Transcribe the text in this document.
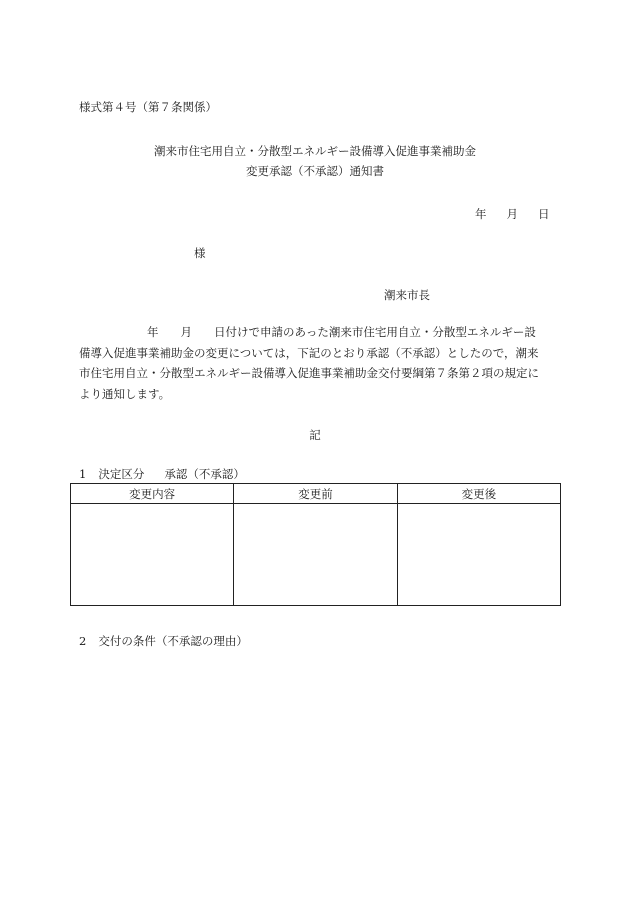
様式第４号（第７条関係）
潮来市住宅用自立・分散型エネルギー設備導入促進事業補助金
変更承認（不承認）通知書
年 月 日
様
潮来市長

年 月 日付けで申請のあった潮来市住宅用自立・分散型エネルギー設

備導入促進事業補助金の変更については，下記のとおり承認（不承認）としたので，潮来

市住宅用自立・分散型エネルギー設備導入促進事業補助金交付要綱第７条第２項の規定に

より通知します。

記
1 決定区分 承認（不承認）
変更内容	変更前	変更後

2 交付の条件（不承認の理由）
